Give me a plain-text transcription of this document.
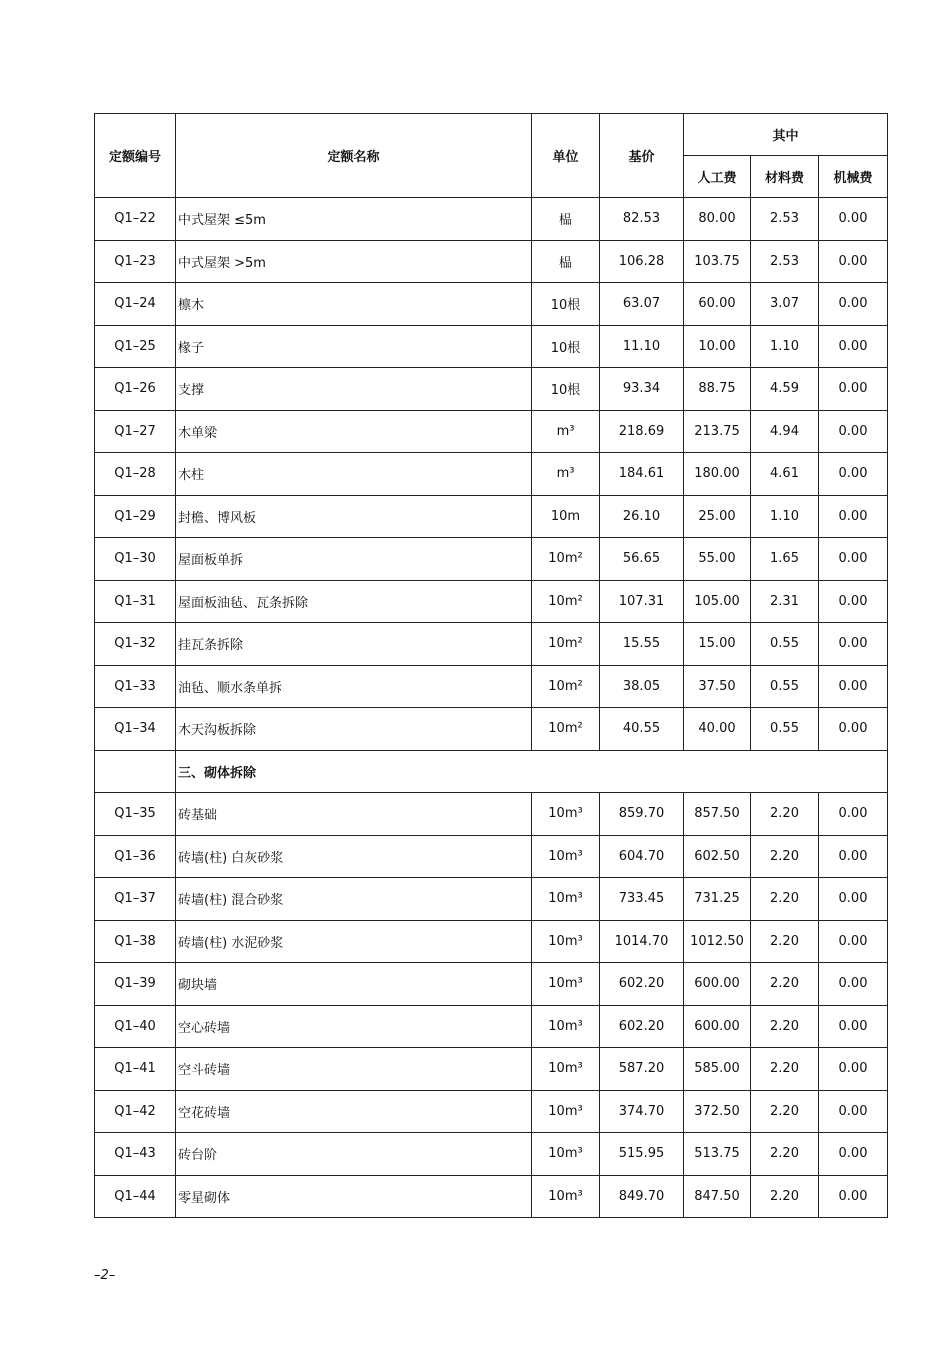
定额编号	定额名称	单位	基价	其中		
				人工费	材料费	机械费
Q1–22	中式屋架 ≤5m	榀	82.53	80.00	2.53	0.00
Q1–23	中式屋架 >5m	榀	106.28	103.75	2.53	0.00
Q1–24	檩木	10根	63.07	60.00	3.07	0.00
Q1–25	椽子	10根	11.10	10.00	1.10	0.00
Q1–26	支撑	10根	93.34	88.75	4.59	0.00
Q1–27	木单梁	m³	218.69	213.75	4.94	0.00
Q1–28	木柱	m³	184.61	180.00	4.61	0.00
Q1–29	封檐、博风板	10m	26.10	25.00	1.10	0.00
Q1–30	屋面板单拆	10m²	56.65	55.00	1.65	0.00
Q1–31	屋面板油毡、瓦条拆除	10m²	107.31	105.00	2.31	0.00
Q1–32	挂瓦条拆除	10m²	15.55	15.00	0.55	0.00
Q1–33	油毡、顺水条单拆	10m²	38.05	37.50	0.55	0.00
Q1–34	木天沟板拆除	10m²	40.55	40.00	0.55	0.00
	三、砌体拆除					
Q1–35	砖基础	10m³	859.70	857.50	2.20	0.00
Q1–36	砖墙(柱) 白灰砂浆	10m³	604.70	602.50	2.20	0.00
Q1–37	砖墙(柱) 混合砂浆	10m³	733.45	731.25	2.20	0.00
Q1–38	砖墙(柱) 水泥砂浆	10m³	1014.70	1012.50	2.20	0.00
Q1–39	砌块墙	10m³	602.20	600.00	2.20	0.00
Q1–40	空心砖墙	10m³	602.20	600.00	2.20	0.00
Q1–41	空斗砖墙	10m³	587.20	585.00	2.20	0.00
Q1–42	空花砖墙	10m³	374.70	372.50	2.20	0.00
Q1–43	砖台阶	10m³	515.95	513.75	2.20	0.00
Q1–44	零星砌体	10m³	849.70	847.50	2.20	0.00
–2–
